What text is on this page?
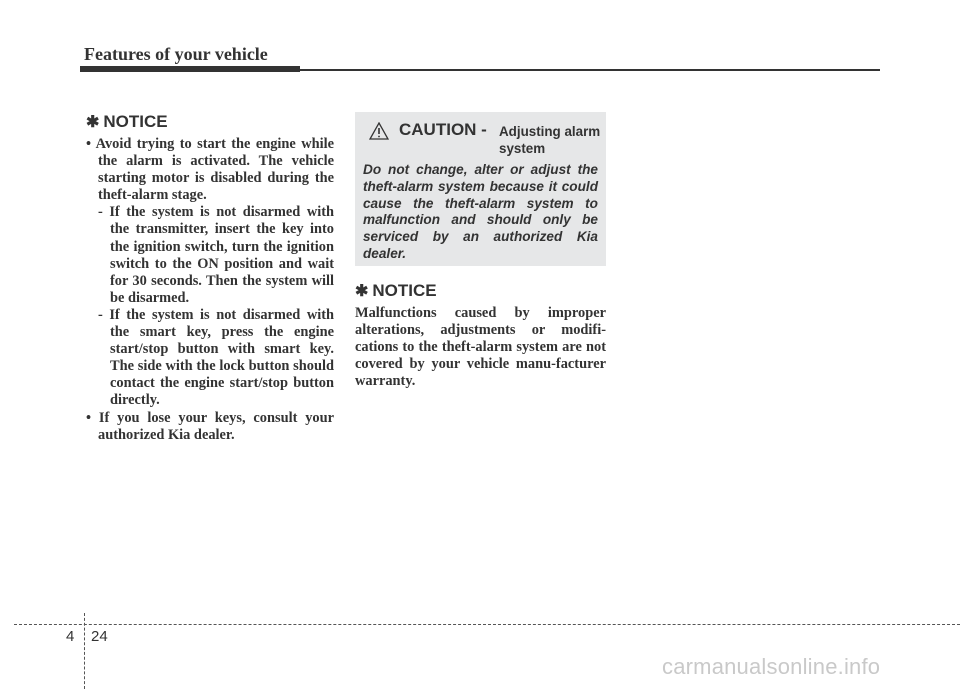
Features of your vehicle
✱ NOTICE
• Avoid trying to start the engine while the alarm is activated. The vehicle starting motor is disabled during the theft-alarm stage.
- If the system is not disarmed with the transmitter, insert the key into the ignition switch, turn the ignition switch to the ON position and wait for 30 seconds. Then the system will be disarmed.
- If the system is not disarmed with the smart key, press the engine start/stop button with smart key. The side with the lock button should contact the engine start/stop button directly.
• If you lose your keys, consult your authorized Kia dealer.
CAUTION - Adjusting alarm system

Do not change, alter or adjust the theft-alarm system because it could cause the theft-alarm system to malfunction and should only be serviced by an authorized Kia dealer.

✱ NOTICE

Malfunctions caused by improper alterations, adjustments or modifi-cations to the theft-alarm system are not covered by your vehicle manu-facturer warranty.

4 24
carmanualsonline.info
